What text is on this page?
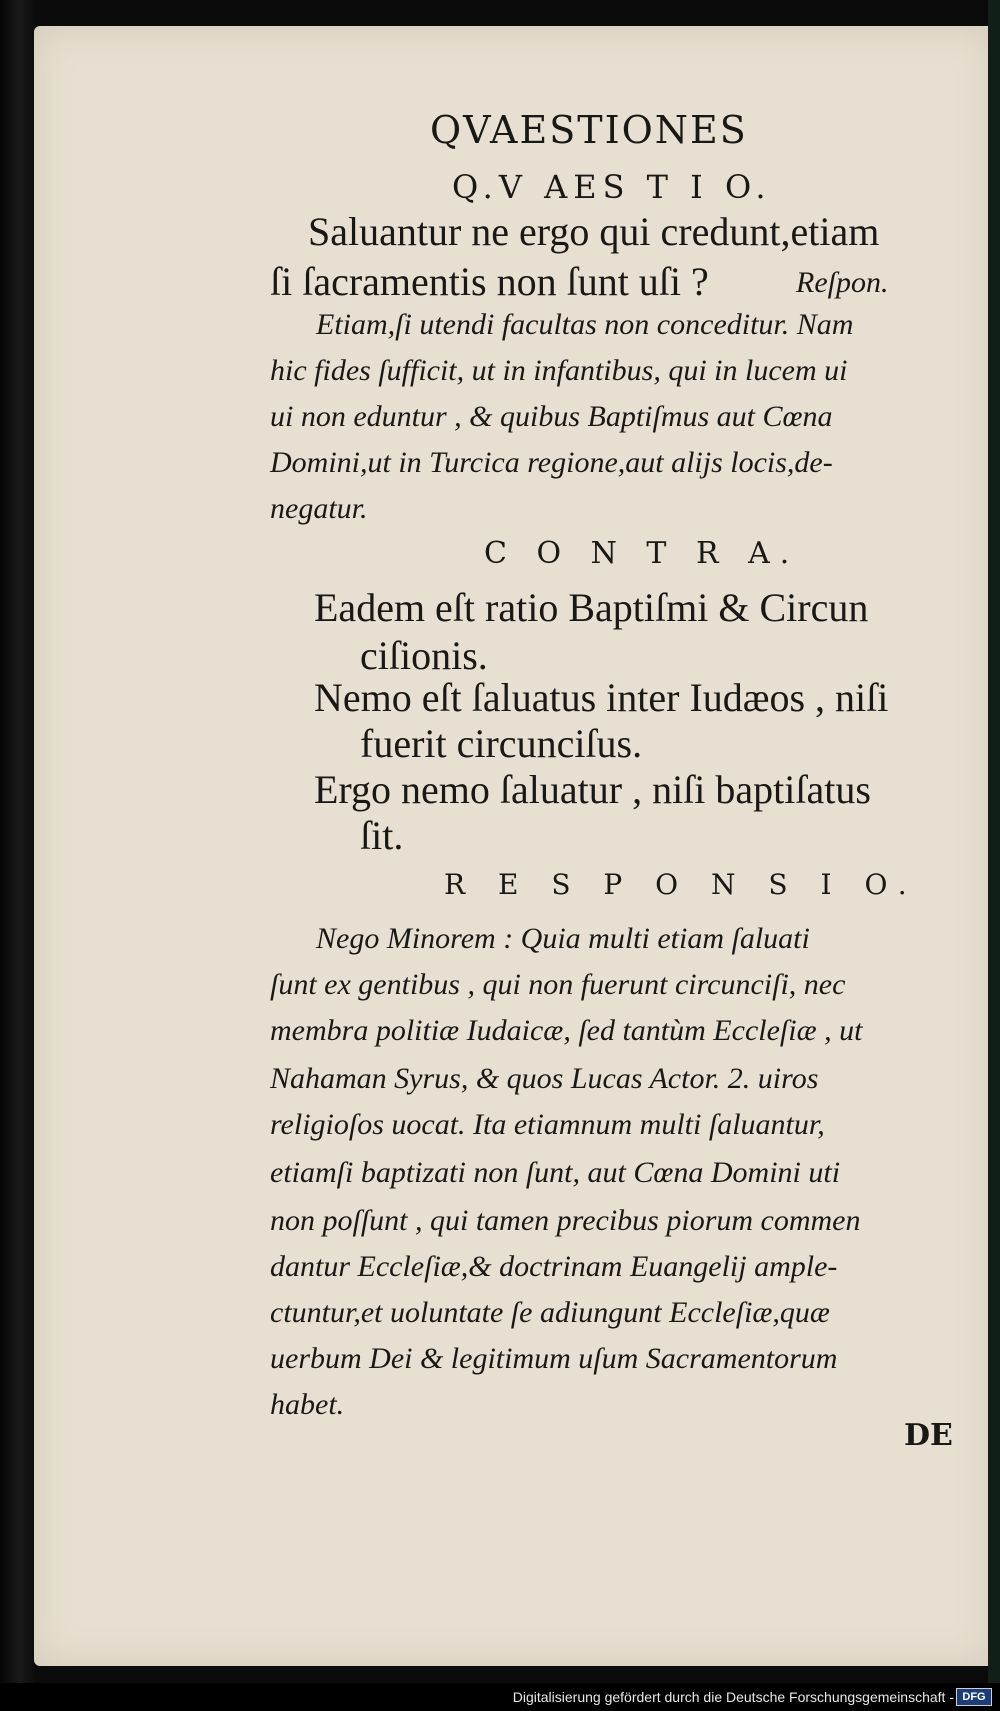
QVAESTIONES
Q.V AES T I O.
Saluantur ne ergo qui credunt,etiam
ſi ſacramentis non ſunt uſi ?	Reſpon.
Etiam,ſi utendi facultas non conceditur. Nam
hic fides ſufficit, ut in infantibus, qui in lucem ui
ui non eduntur , & quibus Baptiſmus aut Cœna
Domini,ut in Turcica regione,aut alijs locis,de-
negatur.
C O N T R A.
Eadem eſt ratio Baptiſmi & Circun
ciſionis.
Nemo eſt ſaluatus inter Iudæos , niſi
fuerit circunciſus.
Ergo nemo ſaluatur , niſi baptiſatus
ſit.
R E S P O N S I O.
Nego Minorem : Quia multi etiam ſaluati
ſunt ex gentibus , qui non fuerunt circunciſi, nec
membra politiæ Iudaicæ, ſed tantùm Eccleſiæ , ut
Nahaman Syrus, & quos Lucas Actor. 2. uiros
religioſos uocat. Ita etiamnum multi ſaluantur,
etiamſi baptizati non ſunt, aut Cœna Domini uti
non poſſunt , qui tamen precibus piorum commen
dantur Eccleſiæ,& doctrinam Euangelij ample-
ctuntur,et uoluntate ſe adiungunt Eccleſiæ,quæ
uerbum Dei & legitimum uſum Sacramentorum
habet.
DE
Digitalisierung gefördert durch die Deutsche Forschungsgemeinschaft - DFG
